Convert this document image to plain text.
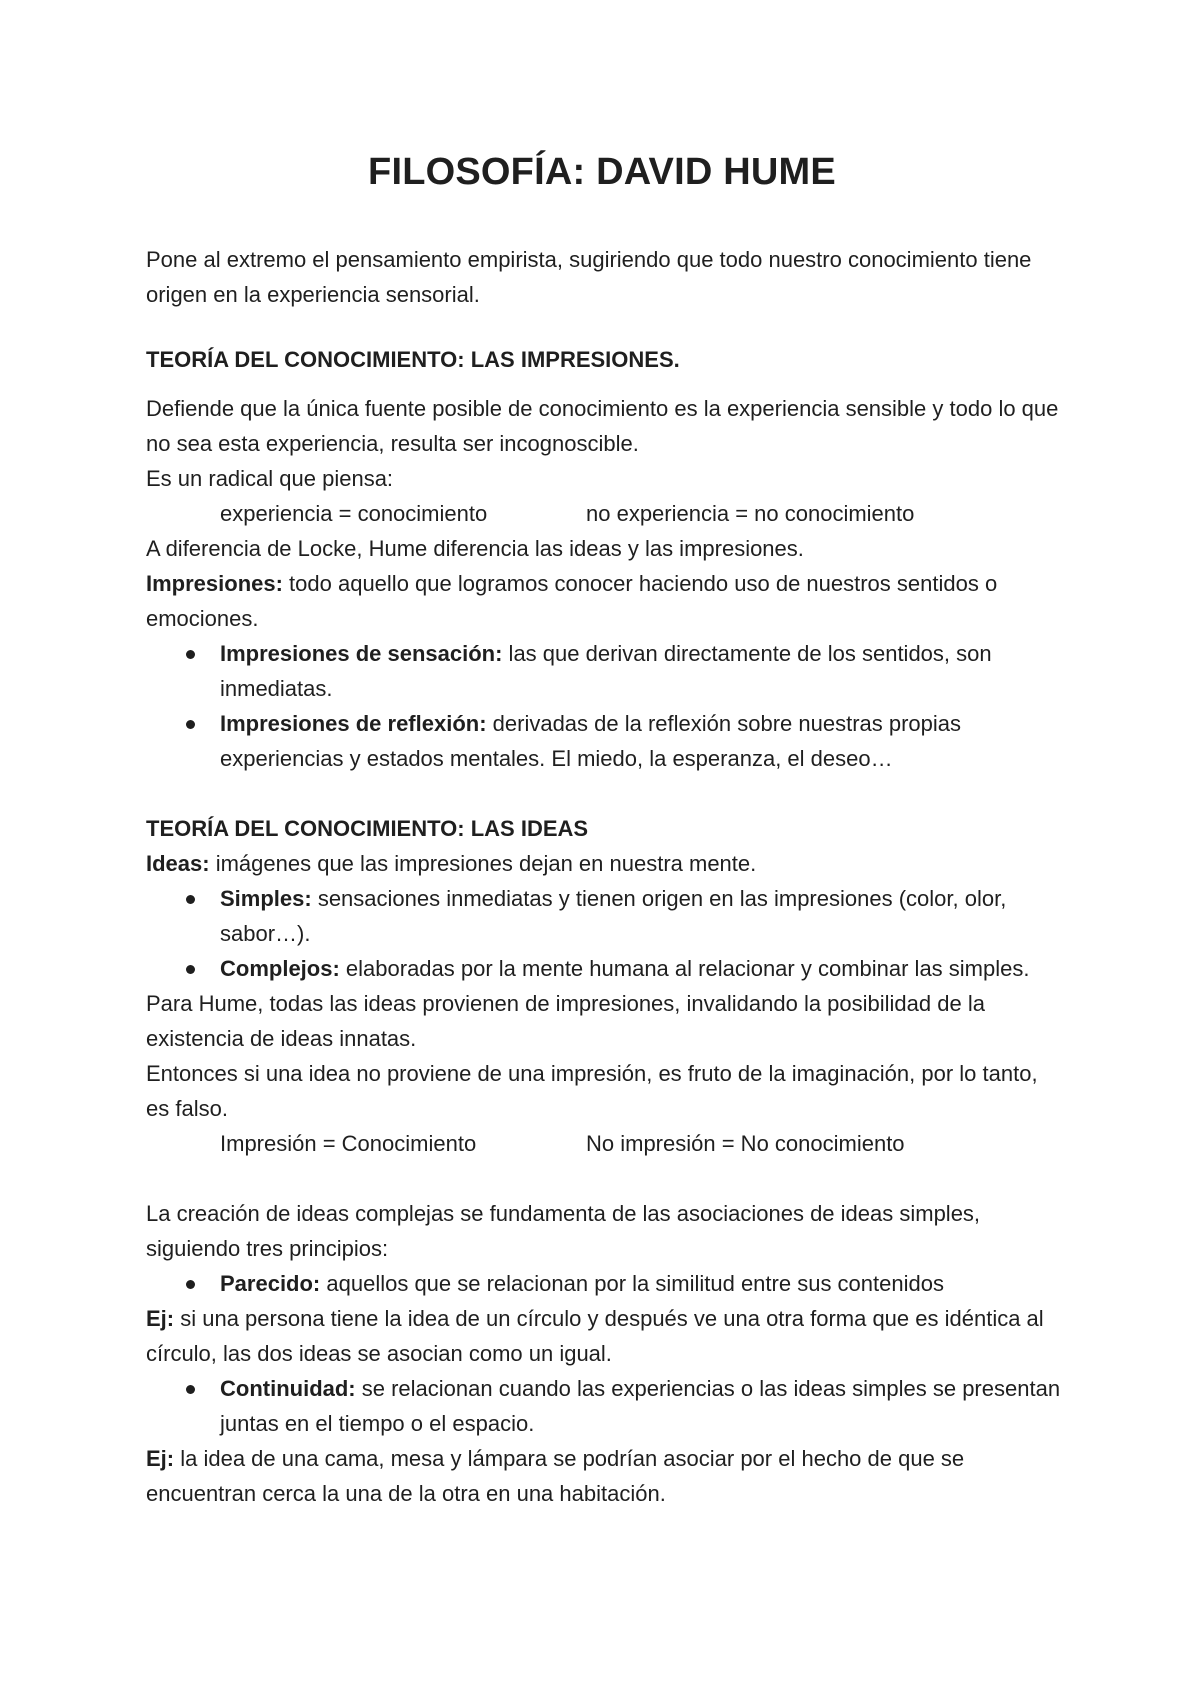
FILOSOFÍA: DAVID HUME

Pone al extremo el pensamiento empirista, sugiriendo que todo nuestro conocimiento tiene origen en la experiencia sensorial.

TEORÍA DEL CONOCIMIENTO: LAS IMPRESIONES.

Defiende que la única fuente posible de conocimiento es la experiencia sensible y todo lo que no sea esta experiencia, resulta ser incognoscible.

Es un radical que piensa:

experiencia = conocimiento	no experiencia = no conocimiento

A diferencia de Locke, Hume diferencia las ideas y las impresiones.

Impresiones: todo aquello que logramos conocer haciendo uso de nuestros sentidos o emociones.

Impresiones de sensación: las que derivan directamente de los sentidos, son inmediatas.
Impresiones de reflexión: derivadas de la reflexión sobre nuestras propias experiencias y estados mentales. El miedo, la esperanza, el deseo…
TEORÍA DEL CONOCIMIENTO: LAS IDEAS

Ideas: imágenes que las impresiones dejan en nuestra mente.

Simples: sensaciones inmediatas y tienen origen en las impresiones (color, olor, sabor…).
Complejos: elaboradas por la mente humana al relacionar y combinar las simples.

Para Hume, todas las ideas provienen de impresiones, invalidando la posibilidad de la existencia de ideas innatas.

Entonces si una idea no proviene de una impresión, es fruto de la imaginación, por lo tanto, es falso.

Impresión = Conocimiento	No impresión = No conocimiento

La creación de ideas complejas se fundamenta de las asociaciones de ideas simples, siguiendo tres principios:

Parecido: aquellos que se relacionan por la similitud entre sus contenidos

Ej: si una persona tiene la idea de un círculo y después ve una otra forma que es idéntica al círculo, las dos ideas se asocian como un igual.

Continuidad: se relacionan cuando las experiencias o las ideas simples se presentan juntas en el tiempo o el espacio.

Ej: la idea de una cama, mesa y lámpara se podrían asociar por el hecho de que se encuentran cerca la una de la otra en una habitación.
